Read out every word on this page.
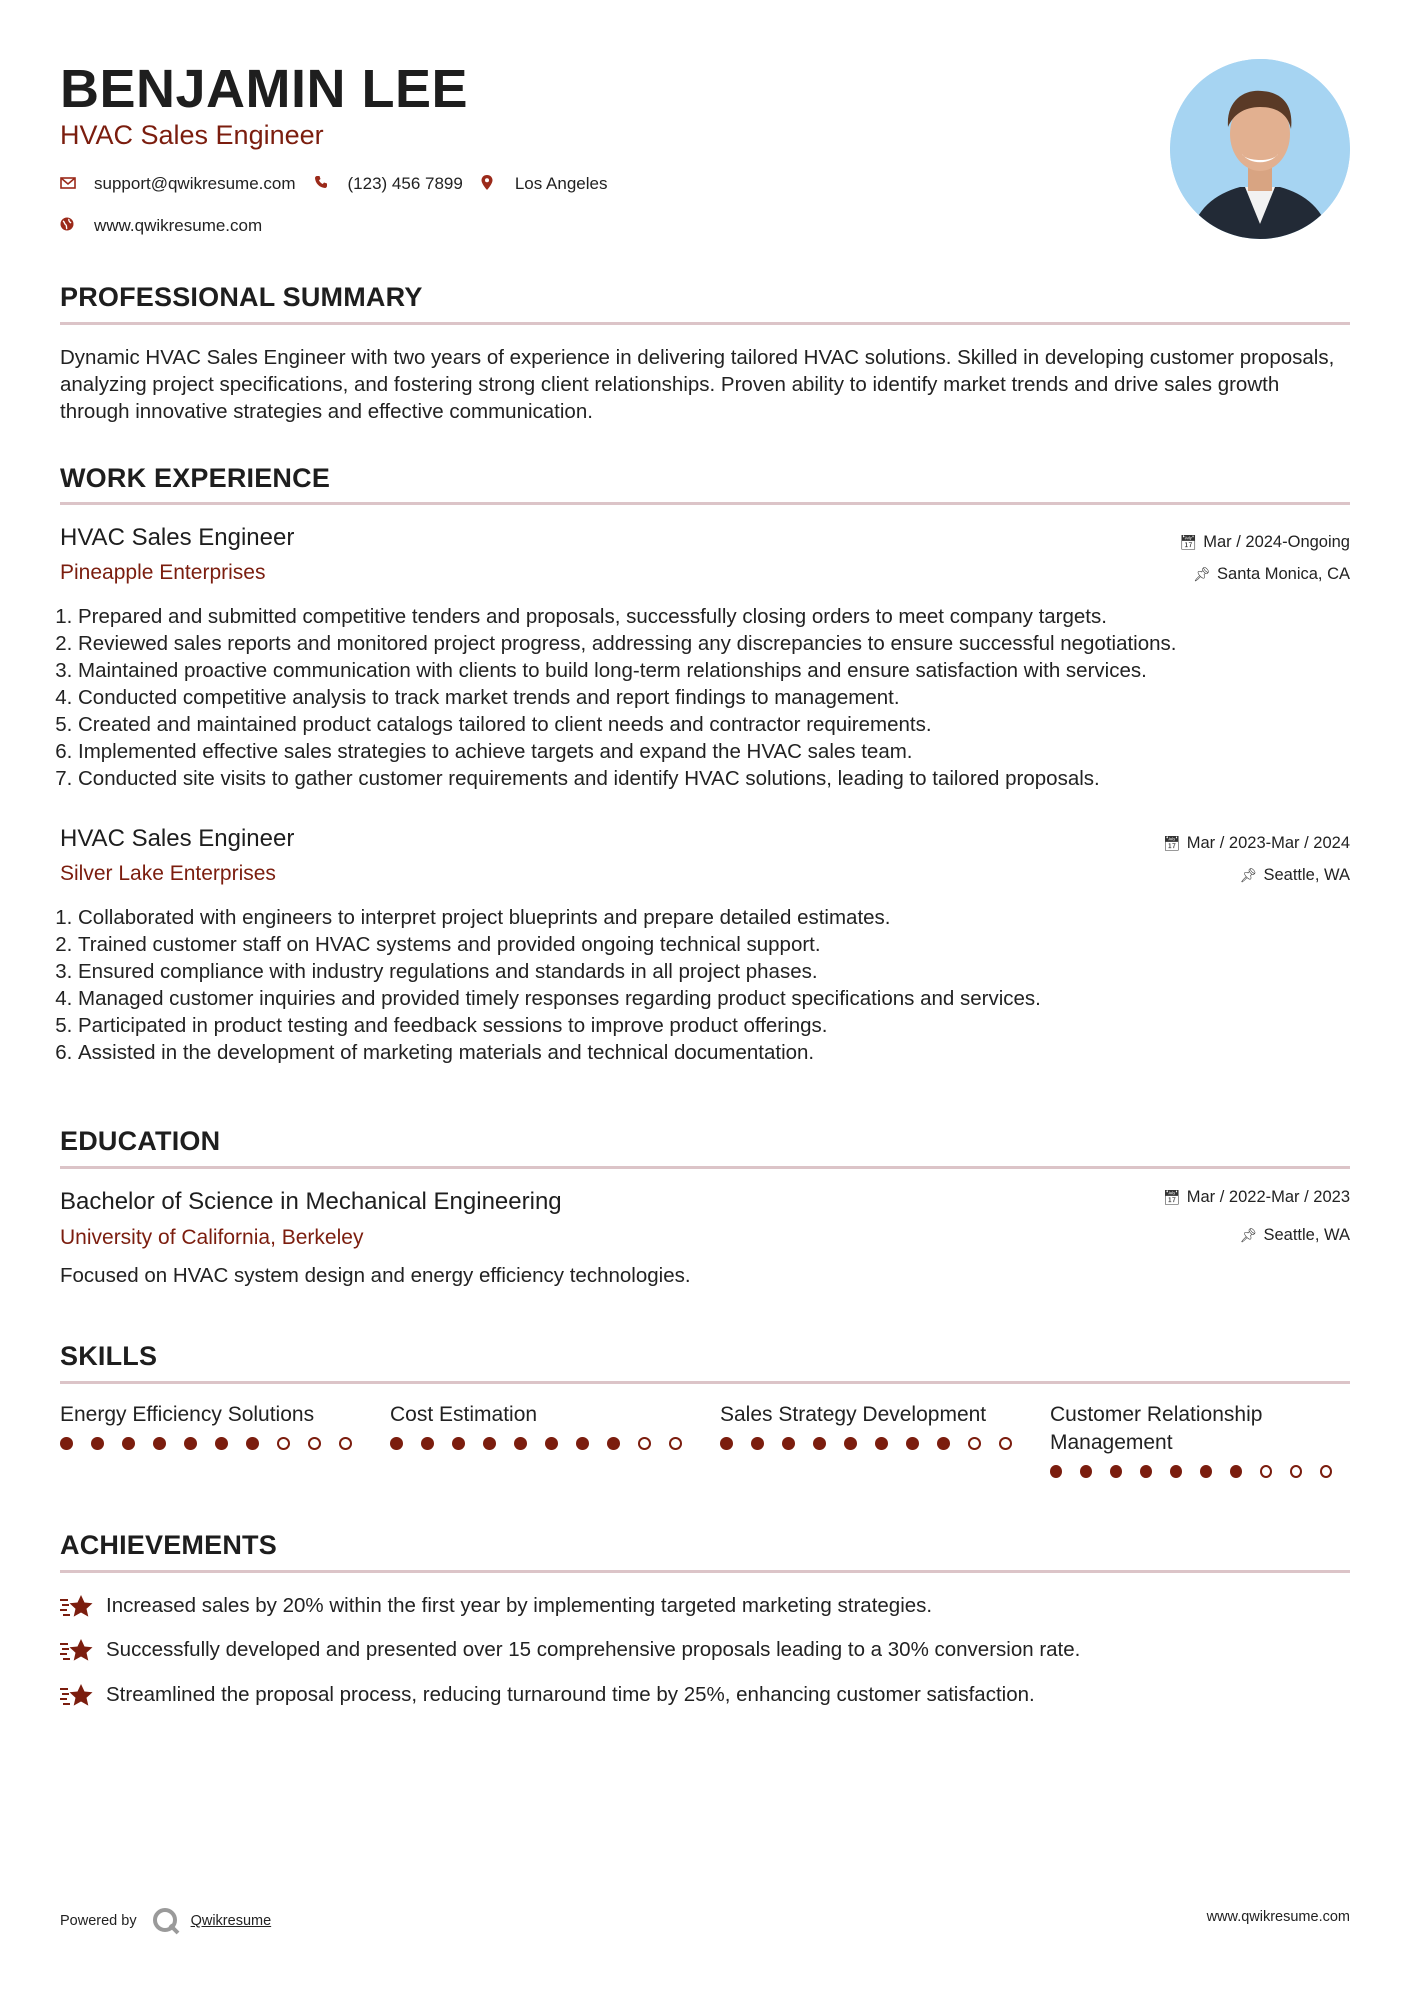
BENJAMIN LEE
HVAC Sales Engineer
support@qwikresume.com	(123) 456 7899	Los Angeles
www.qwikresume.com
PROFESSIONAL SUMMARY
Dynamic HVAC Sales Engineer with two years of experience in delivering tailored HVAC solutions. Skilled in developing customer proposals, analyzing project specifications, and fostering strong client relationships. Proven ability to identify market trends and drive sales growth through innovative strategies and effective communication.
WORK EXPERIENCE
HVAC Sales Engineer
Pineapple Enterprises
📅︎ Mar / 2024-Ongoing
📌︎ Santa Monica, CA
1. Prepared and submitted competitive tenders and proposals, successfully closing orders to meet company targets.
2. Reviewed sales reports and monitored project progress, addressing any discrepancies to ensure successful negotiations.
3. Maintained proactive communication with clients to build long-term relationships and ensure satisfaction with services.
4. Conducted competitive analysis to track market trends and report findings to management.
5. Created and maintained product catalogs tailored to client needs and contractor requirements.
6. Implemented effective sales strategies to achieve targets and expand the HVAC sales team.
7. Conducted site visits to gather customer requirements and identify HVAC solutions, leading to tailored proposals.
HVAC Sales Engineer
Silver Lake Enterprises
📅︎ Mar / 2023-Mar / 2024
📌︎ Seattle, WA
1. Collaborated with engineers to interpret project blueprints and prepare detailed estimates.
2. Trained customer staff on HVAC systems and provided ongoing technical support.
3. Ensured compliance with industry regulations and standards in all project phases.
4. Managed customer inquiries and provided timely responses regarding product specifications and services.
5. Participated in product testing and feedback sessions to improve product offerings.
6. Assisted in the development of marketing materials and technical documentation.
EDUCATION
Bachelor of Science in Mechanical Engineering
University of California, Berkeley
📅︎ Mar / 2022-Mar / 2023
📌︎ Seattle, WA
Focused on HVAC system design and energy efficiency technologies.
SKILLS
Energy Efficiency Solutions	Cost Estimation	Sales Strategy Development	Customer Relationship Management
ACHIEVEMENTS
Increased sales by 20% within the first year by implementing targeted marketing strategies.
Successfully developed and presented over 15 comprehensive proposals leading to a 30% conversion rate.
Streamlined the proposal process, reducing turnaround time by 25%, enhancing customer satisfaction.
Powered by	Qwikresume	www.qwikresume.com
